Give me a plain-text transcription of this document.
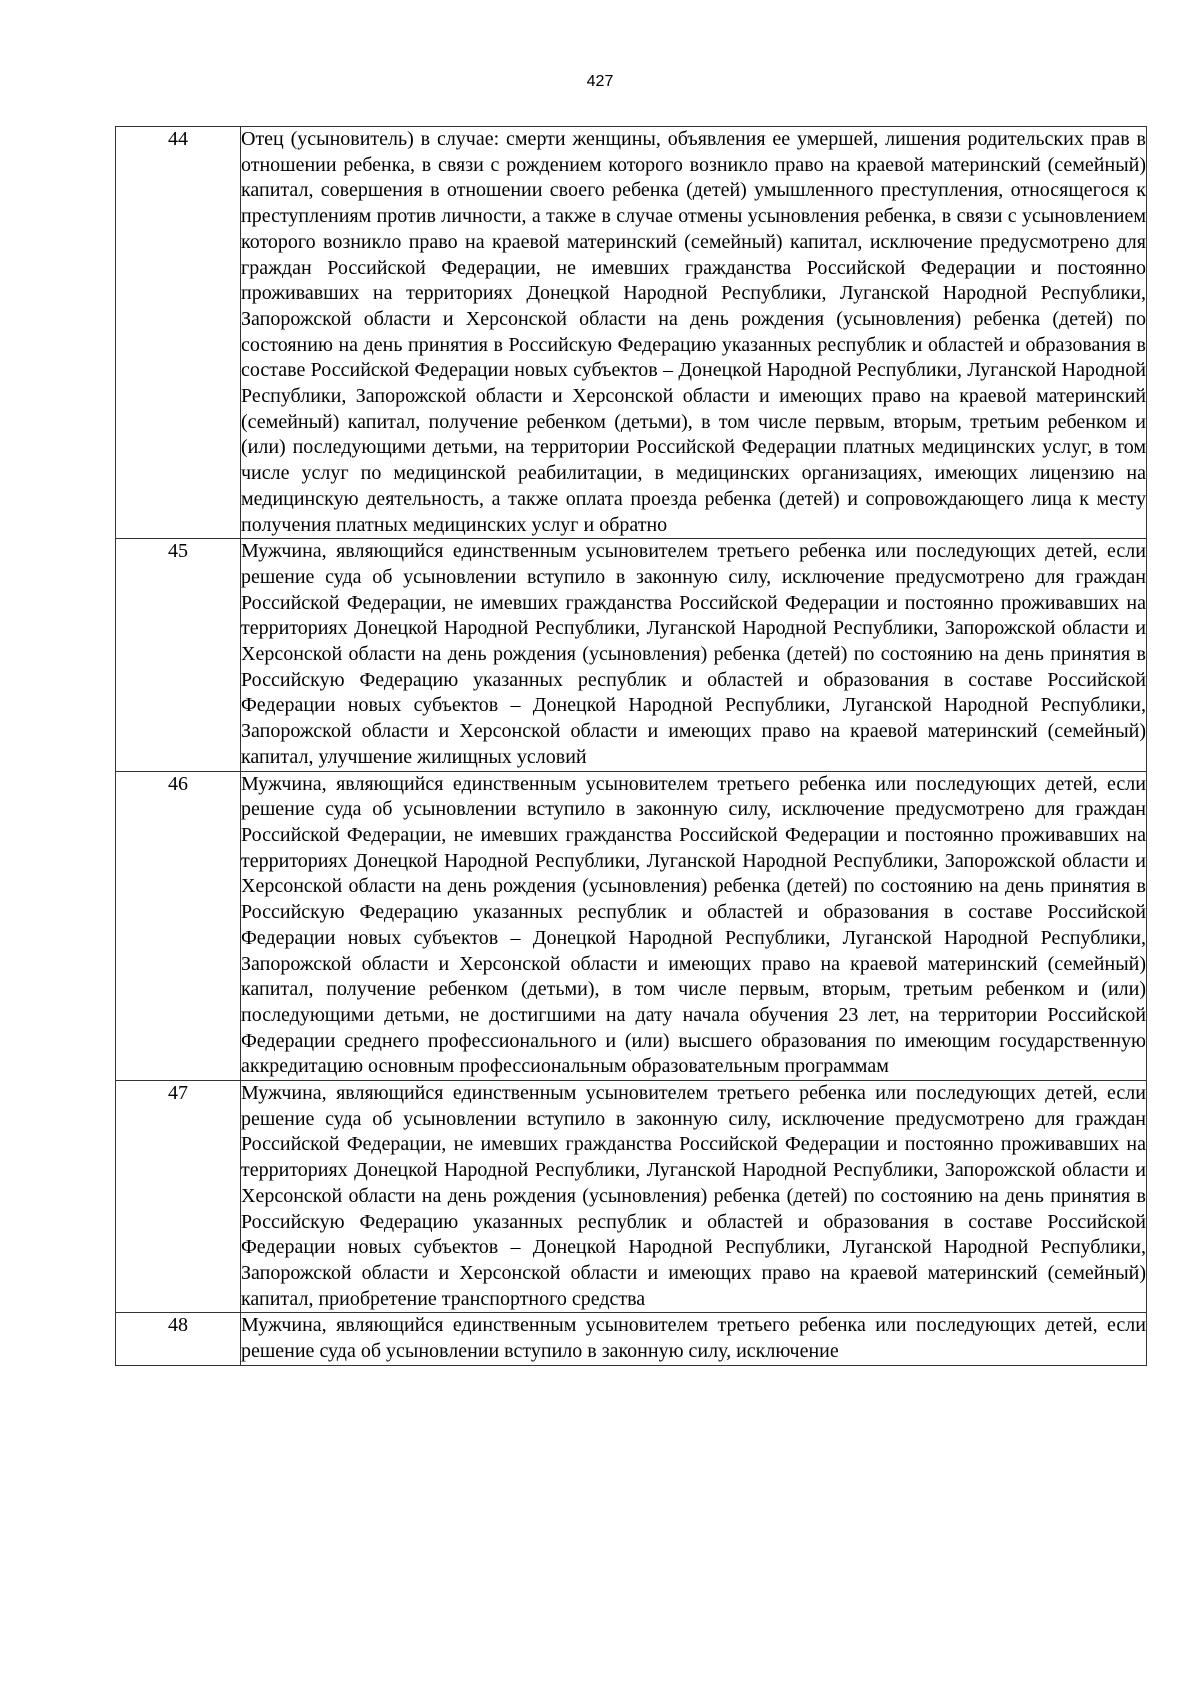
427
44	Отец (усыновитель) в случае: смерти женщины, объявления ее умершей, лишения родительских прав в отношении ребенка, в связи с рождением которого возникло право на краевой материнский (семейный) капитал, совершения в отношении своего ребенка (детей) умышленного преступления, относящегося к преступлениям против личности, а также в случае отмены усыновления ребенка, в связи с усыновлением которого возникло право на краевой материнский (семейный) капитал, исключение предусмотрено для граждан Российской Федерации, не имевших гражданства Российской Федерации и постоянно проживавших на территориях Донецкой Народной Республики, Луганской Народной Республики, Запорожской области и Херсонской области на день рождения (усыновления) ребенка (детей) по состоянию на день принятия в Российскую Федерацию указанных республик и областей и образования в составе Российской Федерации новых субъектов – Донецкой Народной Республики, Луганской Народной Республики, Запорожской области и Херсонской области и имеющих право на краевой материнский (семейный) капитал, получение ребенком (детьми), в том числе первым, вторым, третьим ребенком и (или) последующими детьми, на территории Российской Федерации платных медицинских услуг, в том числе услуг по медицинской реабилитации, в медицинских организациях, имеющих лицензию на медицинскую деятельность, а также оплата проезда ребенка (детей) и сопровождающего лица к месту получения платных медицинских услуг и обратно
45	Мужчина, являющийся единственным усыновителем третьего ребенка или последующих детей, если решение суда об усыновлении вступило в законную силу, исключение предусмотрено для граждан Российской Федерации, не имевших гражданства Российской Федерации и постоянно проживавших на территориях Донецкой Народной Республики, Луганской Народной Республики, Запорожской области и Херсонской области на день рождения (усыновления) ребенка (детей) по состоянию на день принятия в Российскую Федерацию указанных республик и областей и образования в составе Российской Федерации новых субъектов – Донецкой Народной Республики, Луганской Народной Республики, Запорожской области и Херсонской области и имеющих право на краевой материнский (семейный) капитал, улучшение жилищных условий
46	Мужчина, являющийся единственным усыновителем третьего ребенка или последующих детей, если решение суда об усыновлении вступило в законную силу, исключение предусмотрено для граждан Российской Федерации, не имевших гражданства Российской Федерации и постоянно проживавших на территориях Донецкой Народной Республики, Луганской Народной Республики, Запорожской области и Херсонской области на день рождения (усыновления) ребенка (детей) по состоянию на день принятия в Российскую Федерацию указанных республик и областей и образования в составе Российской Федерации новых субъектов – Донецкой Народной Республики, Луганской Народной Республики, Запорожской области и Херсонской области и имеющих право на краевой материнский (семейный) капитал, получение ребенком (детьми), в том числе первым, вторым, третьим ребенком и (или) последующими детьми, не достигшими на дату начала обучения 23 лет, на территории Российской Федерации среднего профессионального и (или) высшего образования по имеющим государственную аккредитацию основным профессиональным образовательным программам
47	Мужчина, являющийся единственным усыновителем третьего ребенка или последующих детей, если решение суда об усыновлении вступило в законную силу, исключение предусмотрено для граждан Российской Федерации, не имевших гражданства Российской Федерации и постоянно проживавших на территориях Донецкой Народной Республики, Луганской Народной Республики, Запорожской области и Херсонской области на день рождения (усыновления) ребенка (детей) по состоянию на день принятия в Российскую Федерацию указанных республик и областей и образования в составе Российской Федерации новых субъектов – Донецкой Народной Республики, Луганской Народной Республики, Запорожской области и Херсонской области и имеющих право на краевой материнский (семейный) капитал, приобретение транспортного средства
48	Мужчина, являющийся единственным усыновителем третьего ребенка или последующих детей, если решение суда об усыновлении вступило в законную силу, исключение
